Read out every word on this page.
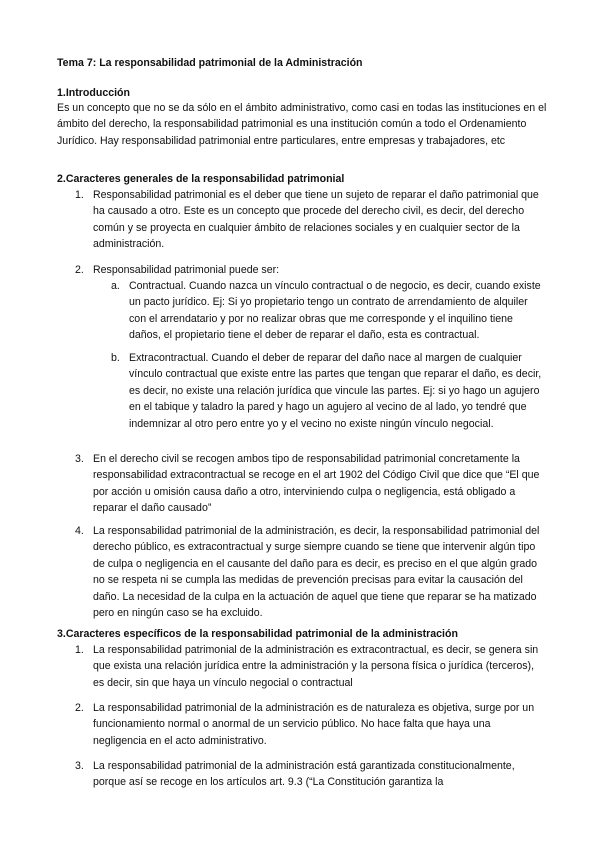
Tema 7: La responsabilidad patrimonial de la Administración
1.Introducción
Es un concepto que no se da sólo en el ámbito administrativo, como casi en todas las instituciones en el ámbito del derecho, la responsabilidad patrimonial es una institución común a todo el Ordenamiento Jurídico. Hay responsabilidad patrimonial entre particulares, entre empresas y trabajadores, etc
2.Caracteres generales de la responsabilidad patrimonial
1. Responsabilidad patrimonial es el deber que tiene un sujeto de reparar el daño patrimonial que ha causado a otro. Este es un concepto que procede del derecho civil, es decir, del derecho común y se proyecta en cualquier ámbito de relaciones sociales y en cualquier sector de la administración.
2. Responsabilidad patrimonial puede ser:
a. Contractual. Cuando nazca un vínculo contractual o de negocio, es decir, cuando existe un pacto jurídico. Ej: Si yo propietario tengo un contrato de arrendamiento de alquiler con el arrendatario y por no realizar obras que me corresponde y el inquilino tiene daños, el propietario tiene el deber de reparar el daño, esta es contractual.
b. Extracontractual. Cuando el deber de reparar del daño nace al margen de cualquier vínculo contractual que existe entre las partes que tengan que reparar el daño, es decir, es decir, no existe una relación jurídica que vincule las partes. Ej: si yo hago un agujero en el tabique y taladro la pared y hago un agujero al vecino de al lado, yo tendré que indemnizar al otro pero entre yo y el vecino no existe ningún vínculo negocial.
3. En el derecho civil se recogen ambos tipo de responsabilidad patrimonial concretamente la responsabilidad extracontractual se recoge en el art 1902 del Código Civil que dice que “El que por acción u omisión causa daño a otro, interviniendo culpa o negligencia, está obligado a reparar el daño causado”
4. La responsabilidad patrimonial de la administración, es decir, la responsabilidad patrimonial del derecho público, es extracontractual y surge siempre cuando se tiene que intervenir algún tipo de culpa o negligencia en el causante del daño para es decir, es preciso en el que algún grado no se respeta ni se cumpla las medidas de prevención precisas para evitar la causación del daño. La necesidad de la culpa en la actuación de aquel que tiene que reparar se ha matizado pero en ningún caso se ha excluido.
3.Caracteres específicos de la responsabilidad patrimonial de la administración
1. La responsabilidad patrimonial de la administración es extracontractual, es decir, se genera sin que exista una relación jurídica entre la administración y la persona física o jurídica (terceros), es decir, sin que haya un vínculo negocial o contractual
2. La responsabilidad patrimonial de la administración es de naturaleza es objetiva, surge por un funcionamiento normal o anormal de un servicio público. No hace falta que haya una negligencia en el acto administrativo.
3. La responsabilidad patrimonial de la administración está garantizada constitucionalmente, porque así se recoge en los artículos art. 9.3 (“La Constitución garantiza la
